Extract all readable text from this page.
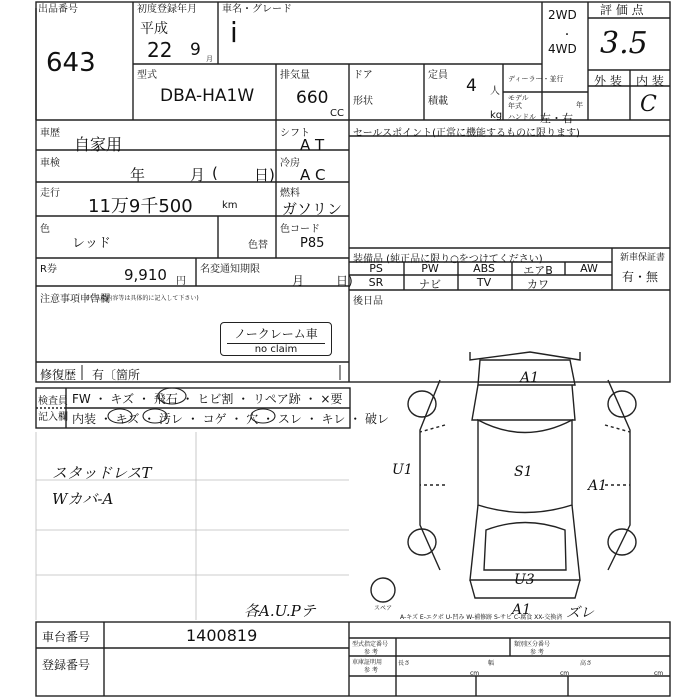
出品番号
643
初度登録年月
平成
22 9 月
車名・グレード
i
2WD
・
4WD
評 価 点
3.5
外 装 内 装
C
型式
DBA-HA1W
排気量
660
CC
ドア
形状
定員
4 人
積載
kg
ディーラー・並行
モデル
年式	年
ハンドル 左・右
車歴
自家用
シフト
A T
車検
年	月 ( 日)
冷房
A C
走行
11万9千500	km
燃料
ガソリン
色
レッド	色替
色コード
P85
R券	9,910 円
名変通知期限
月	日)
注意事項申告欄
(不具合内容等は具体的に記入して下さい)
ノークレーム車
no claim
修復歴 有〔箇所
セールスポイント(正常に機能するものに限ります)
装備品 (純正品に限り○をつけてください)
PS	PW	ABS	エアB	AW
SR	ナビ	TV	カワ
新車保証書
有・無
後日品
検査員
記入欄
FW ・ キズ ・ 飛石 ・ ヒビ割 ・ リペア跡 ・ ×要
内装 ・ キズ ・ 汚レ ・ コゲ ・ 穴 ・ スレ ・ キレ ・ 破レ
スタッドレスT
Wカバ-A
各A.U.Pテ
A1
U1	S1
A1
U3
A1 ズレ
スペア
A-キズ E-エクボ U-凹み W-補修跡 S-サビ C-腐食 XX-交換済
車台番号	1400819
登録番号
型式指定番号
参 考
類別区分番号
参 考
車庫証明用
参 考
長さ
cm
幅
cm
高さ
cm
